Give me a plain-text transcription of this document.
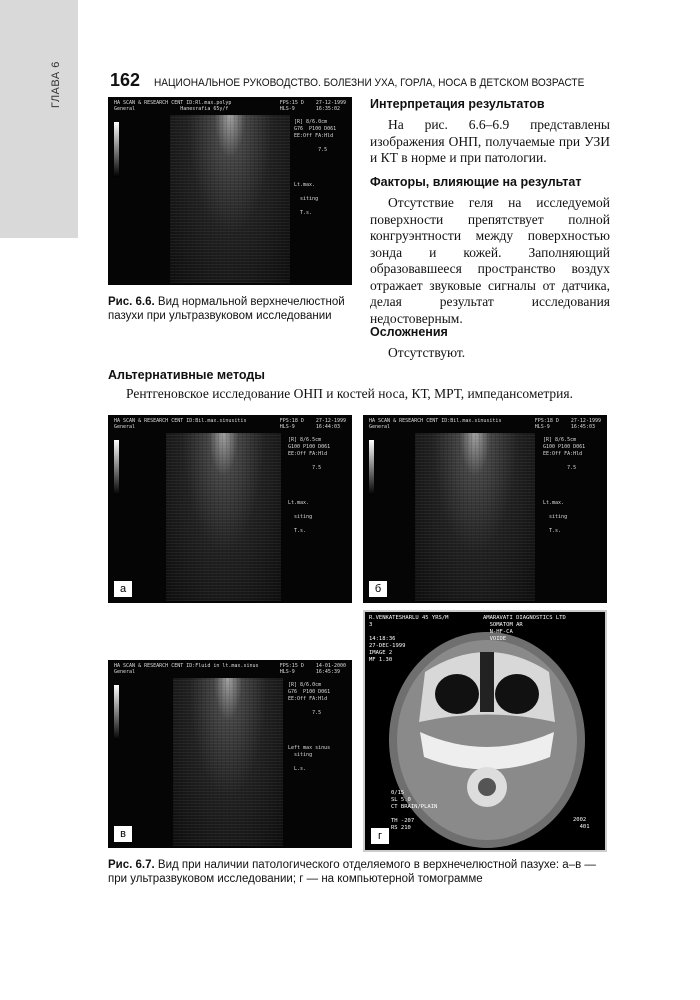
ГЛАВА 6	162 НАЦИОНАЛЬНОЕ РУКОВОДСТВО. БОЛЕЗНИ УХА, ГОРЛА, НОСА В ДЕТСКОМ ВОЗРАСТЕ
HA SCAN & RESEARCH CENT ID:Rl.max.polyp
General               Hanesrafia 65y/f
FPS:15 D    27-12-1999
HLS-9       16:35:02
[R] 8/6.0cm
G76  P100 D061
EE:Off FA:Hld

7.5

Lt.max.

siting

T.s.
Рис. 6.6. Вид нормальной верхнечелюстной пазухи при ультразвуковом исследовании
Интерпретация результатов

На рис. 6.6–6.9 представлены изображения ОНП, получаемые при УЗИ и КТ в норме и при патологии.

Факторы, влияющие на результат

Отсутствие геля на исследуемой поверхности препятствует полной конгруэнтности между поверхностью зонда и кожей. Заполняющий образовавшееся пространство воздух отражает звуковые сигналы от датчика, делая результат исследования недостоверным.

Осложнения

Отсутствуют.

Альтернативные методы

Рентгеновское исследование ОНП и костей носа, КТ, МРТ, импедансометрия.

HA SCAN & RESEARCH CENT ID:Bil.max.sinusitis
General
FPS:18 D    27-12-1999
HLS-9       16:44:03
[R] 8/6.5cm
G100 P100 D061
EE:Off FA:Hld

7.5

Lt.max.

siting

T.s.
а
HA SCAN & RESEARCH CENT ID:Bil.max.sinusitis
General
FPS:18 D    27-12-1999
HLS-9       16:45:03
[R] 8/6.5cm
G100 P100 D061
EE:Off FA:Hld

7.5

Lt.max.

siting

T.s.
б
HA SCAN & RESEARCH CENT ID:Fluid in lt.max.sinus
General
FPS:15 D    14-01-2000
HLS-9       16:45:39
[R] 8/6.0cm
G76  P100 D061
EE:Off FA:Hld

7.5

Left max sinus
siting

L.s.
в
R.VENKATESHARLU 45 YRS/M
3

14:18:36
27-DEC-1999
IMAGE 2
MF 1.30
AMARAVATI DIAGNOSTICS LTD
SOMATOM AR
N-HF-CA
VOIDE
0/15
SL 5.0
CT BRAIN/PLAIN

TH -207
RS 210
2002
401
г
Рис. 6.7. Вид при наличии патологического отделяемого в верхнечелюстной пазухе: а–в — при ультразвуковом исследовании; г — на компьютерной томограмме
